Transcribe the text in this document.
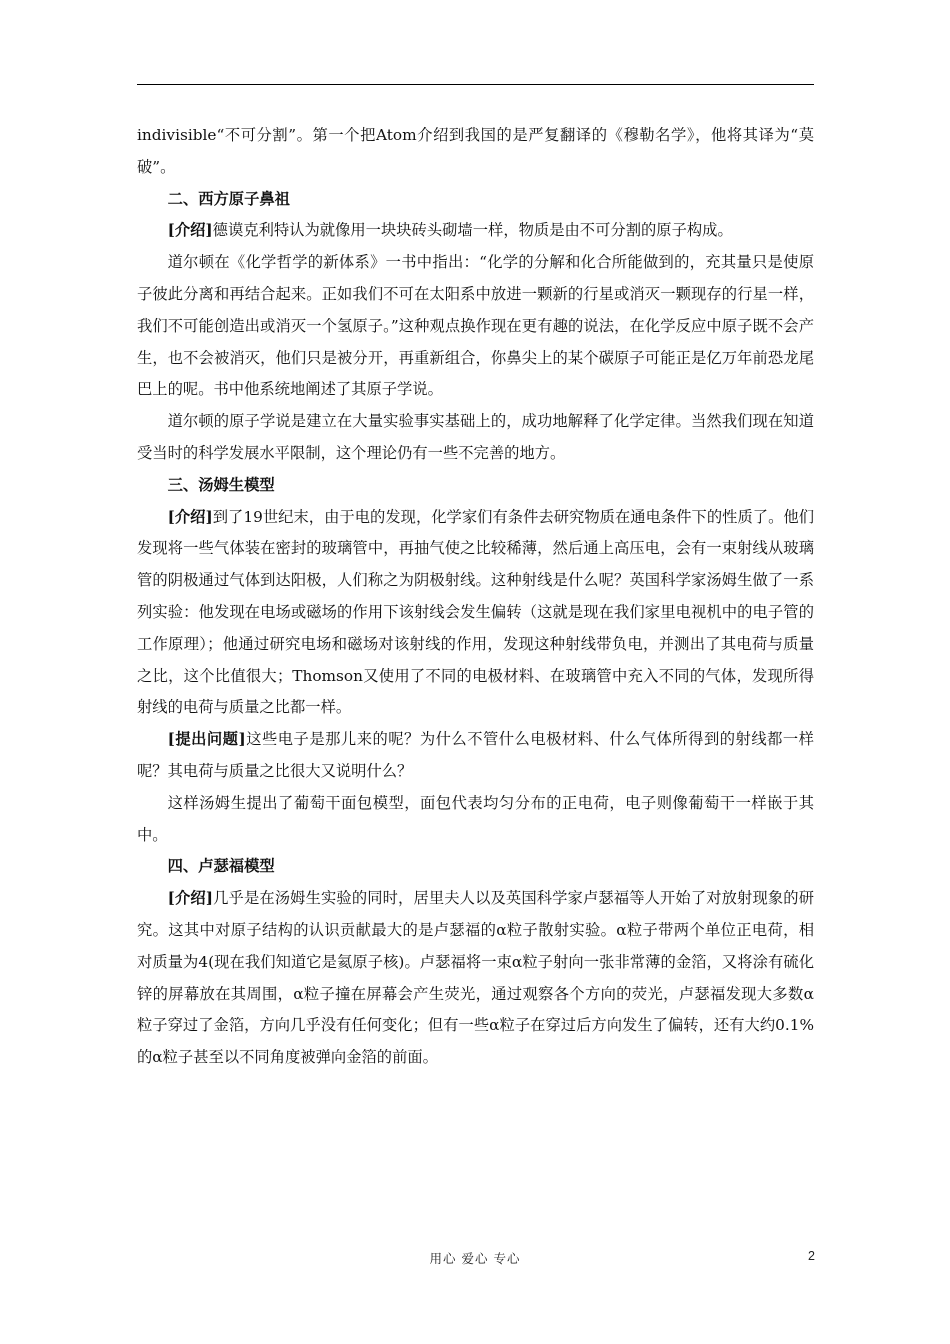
indivisible“不可分割”。第一个把Atom介绍到我国的是严复翻译的《穆勒名学》，他将其译为“莫破”。

二、西方原子鼻祖

[介绍]德谟克利特认为就像用一块块砖头砌墙一样，物质是由不可分割的原子构成。

道尔顿在《化学哲学的新体系》一书中指出：“化学的分解和化合所能做到的，充其量只是使原子彼此分离和再结合起来。正如我们不可在太阳系中放进一颗新的行星或消灭一颗现存的行星一样，我们不可能创造出或消灭一个氢原子。”这种观点换作现在更有趣的说法，在化学反应中原子既不会产生，也不会被消灭，他们只是被分开，再重新组合，你鼻尖上的某个碳原子可能正是亿万年前恐龙尾巴上的呢。书中他系统地阐述了其原子学说。

道尔顿的原子学说是建立在大量实验事实基础上的，成功地解释了化学定律。当然我们现在知道受当时的科学发展水平限制，这个理论仍有一些不完善的地方。

三、汤姆生模型

[介绍]到了19世纪末，由于电的发现，化学家们有条件去研究物质在通电条件下的性质了。他们发现将一些气体装在密封的玻璃管中，再抽气使之比较稀薄，然后通上高压电，会有一束射线从玻璃管的阴极通过气体到达阳极，人们称之为阴极射线。这种射线是什么呢？英国科学家汤姆生做了一系列实验：他发现在电场或磁场的作用下该射线会发生偏转（这就是现在我们家里电视机中的电子管的工作原理）；他通过研究电场和磁场对该射线的作用，发现这种射线带负电，并测出了其电荷与质量之比，这个比值很大；Thomson又使用了不同的电极材料、在玻璃管中充入不同的气体，发现所得射线的电荷与质量之比都一样。

[提出问题]这些电子是那儿来的呢？为什么不管什么电极材料、什么气体所得到的射线都一样呢？其电荷与质量之比很大又说明什么？

这样汤姆生提出了葡萄干面包模型，面包代表均匀分布的正电荷，电子则像葡萄干一样嵌于其中。

四、卢瑟福模型

[介绍]几乎是在汤姆生实验的同时，居里夫人以及英国科学家卢瑟福等人开始了对放射现象的研究。这其中对原子结构的认识贡献最大的是卢瑟福的α粒子散射实验。α粒子带两个单位正电荷，相对质量为4(现在我们知道它是氦原子核)。卢瑟福将一束α粒子射向一张非常薄的金箔，又将涂有硫化锌的屏幕放在其周围，α粒子撞在屏幕会产生荧光，通过观察各个方向的荧光，卢瑟福发现大多数α粒子穿过了金箔，方向几乎没有任何变化；但有一些α粒子在穿过后方向发生了偏转，还有大约0.1%的α粒子甚至以不同角度被弹向金箔的前面。

用心 爱心 专心	2
